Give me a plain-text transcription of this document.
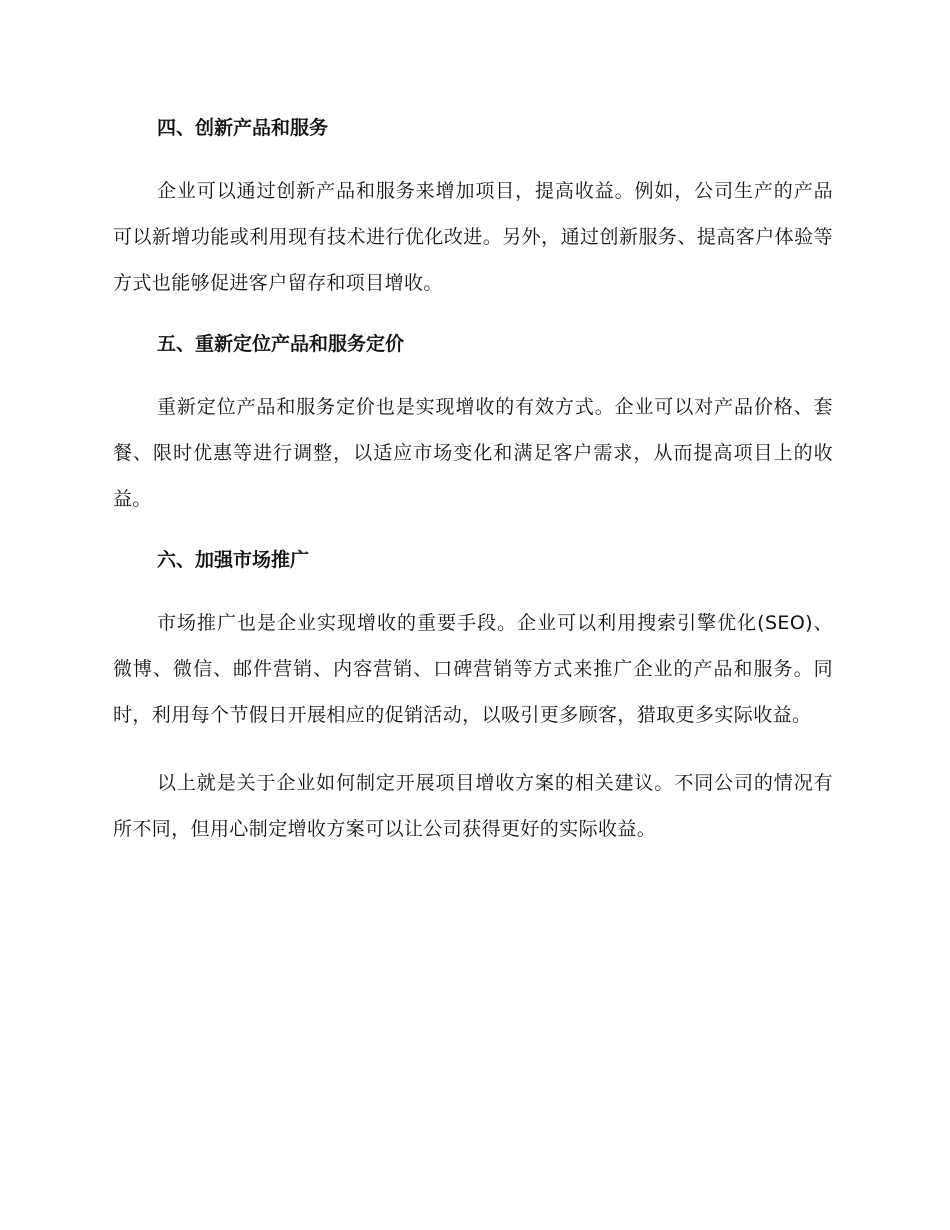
四、创新产品和服务

企业可以通过创新产品和服务来增加项目，提高收益。例如，公司生产的产品可以新增功能或利用现有技术进行优化改进。另外，通过创新服务、提高客户体验等方式也能够促进客户留存和项目增收。

五、重新定位产品和服务定价

重新定位产品和服务定价也是实现增收的有效方式。企业可以对产品价格、套餐、限时优惠等进行调整，以适应市场变化和满足客户需求，从而提高项目上的收益。

六、加强市场推广

市场推广也是企业实现增收的重要手段。企业可以利用搜索引擎优化(SEO)、微博、微信、邮件营销、内容营销、口碑营销等方式来推广企业的产品和服务。同时，利用每个节假日开展相应的促销活动，以吸引更多顾客，猎取更多实际收益。

以上就是关于企业如何制定开展项目增收方案的相关建议。不同公司的情况有所不同，但用心制定增收方案可以让公司获得更好的实际收益。
